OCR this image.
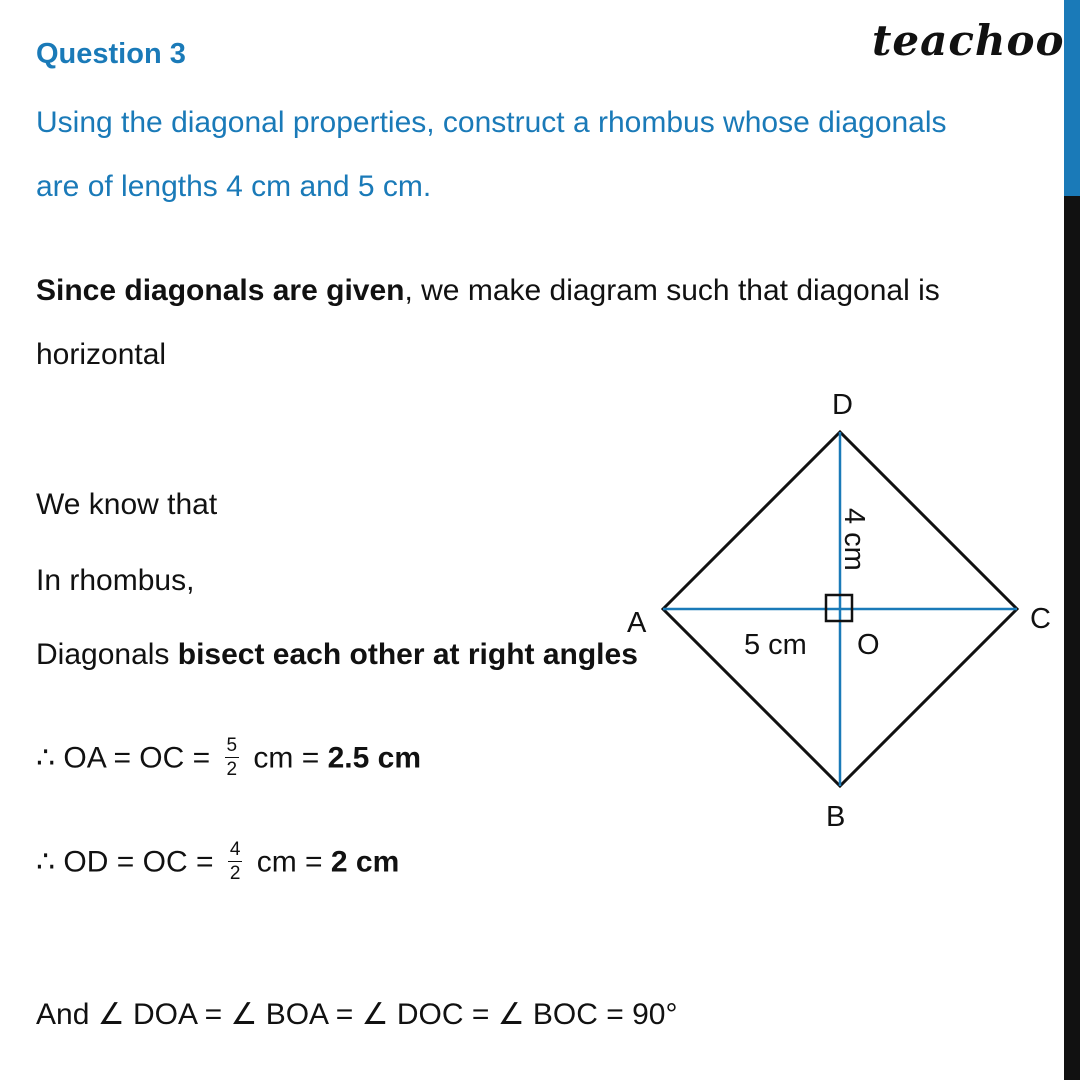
Question 3	teachoo
Using the diagonal properties, construct a rhombus whose diagonals
are of lengths 4 cm and 5 cm.
Since diagonals are given, we make diagram such that diagonal is
horizontal
We know that
In rhombus,
Diagonals bisect each other at right angles
∴ OA = OC = $\frac{5}{2}$ cm = 2.5 cm
∴ OD = OC = $\frac{4}{2}$ cm = 2 cm
And ∠ DOA = ∠ BOA = ∠ DOC = ∠ BOC = 90°
D
A	C
B
O
5 cm
4 cm
